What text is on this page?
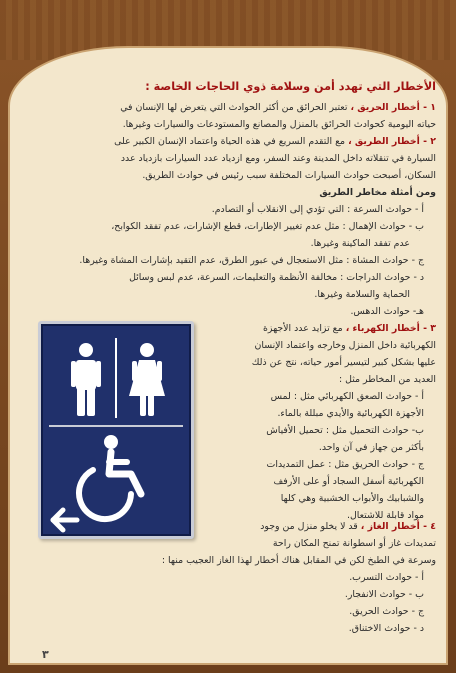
الأخطار التي تهدد أمن وسلامة ذوي الحاجات الخاصة :

١ - أخطار الحريق ، تعتبر الحرائق من أكثر الحوادث التي يتعرض لها الإنسان في

حياته اليومية كحوادث الحرائق بالمنزل والمصانع والمستودعات والسيارات وغيرها.

٢ - أخطار الطريق ، مع التقدم السريع في هذه الحياة واعتماد الإنسان الكبير على

السيارة في تنقلاته داخل المدينة وعند السفر، ومع ازدياد عدد السيارات بازدياد عدد

السكان، أصبحت حوادث السيارات المختلفة سبب رئيس في حوادث الطريق.

ومن أمثلة مخاطر الطريق

أ - حوادث السرعة : التي تؤدي إلى الانقلاب أو التصادم.

ب - حوادث الإهمال : مثل عدم تغيير الإطارات، قطع الإشارات، عدم تفقد الكوابح،

عدم تفقد الماكينة وغيرها.

ج - حوادث المشاة : مثل الاستعجال في عبور الطرق، عدم التقيد بإشارات المشاة وغيرها.

د - حوادث الدراجات : مخالفة الأنظمة والتعليمات، السرعة، عدم لبس وسائل

الحماية والسلامة وغيرها.

هـ- حوادث الدهس.

٣ - أخطار الكهرباء ، مع تزايد عدد الأجهزة

الكهربائية داخل المنزل وخارجه واعتماد الإنسان

عليها بشكل كبير لتيسير أمور حياته، نتج عن ذلك

العديد من المخاطر مثل :

أ - حوادث الصعق الكهربائي مثل : لمس

الأجهزة الكهربائية والأيدي مبللة بالماء.

ب- حوادث التحميل مثل : تحميل الأفياش

بأكثر من جهاز في آن واحد.

ج - حوادث الحريق مثل : عمل التمديدات

الكهربائية أسفل السجاد أو على الأرفف

والشبابيك والأبواب الخشبية وهي كلها

مواد قابلة للاشتعال.

٤ - أخطار الغاز ، قد لا يخلو منزل من وجود

تمديدات غاز أو اسطوانة تمنح المكان راحة

وسرعة في الطبخ لكن في المقابل هناك أخطار لهذا الغاز العجيب منها :

أ - حوادث التسرب.

ب - حوادث الانفجار.

ج - حوادث الحريق.

د - حوادث الاختناق.

٣
